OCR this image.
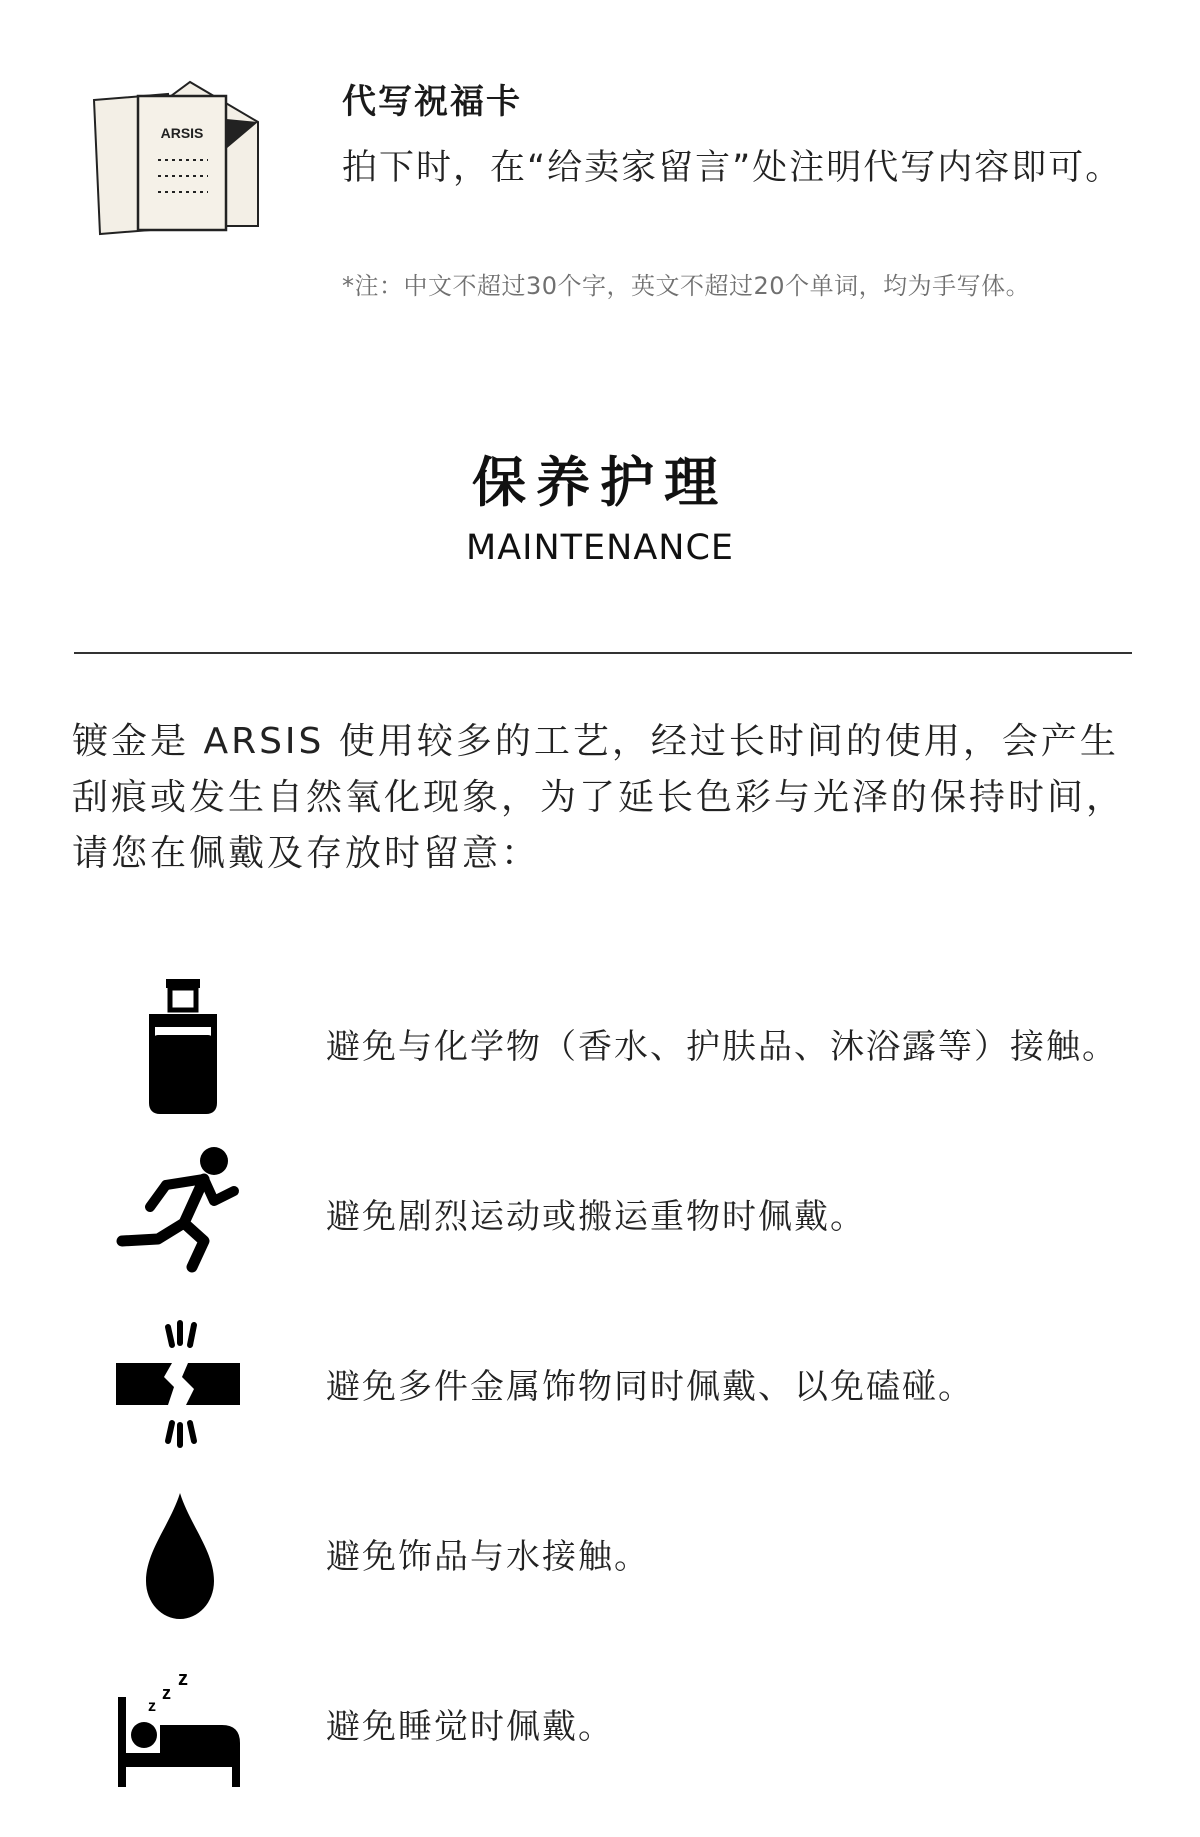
ARSIS
代写祝福卡
拍下时，在“给卖家留言”处注明代写内容即可。
*注：中文不超过30个字，英文不超过20个单词，均为手写体。
保养护理
MAINTENANCE
镀金是 ARSIS 使用较多的工艺，经过长时间的使用，会产生刮痕或发生自然氧化现象，为了延长色彩与光泽的保持时间，请您在佩戴及存放时留意：
避免与化学物（香水、护肤品、沐浴露等）接触。
避免剧烈运动或搬运重物时佩戴。
避免多件金属饰物同时佩戴、以免磕碰。
避免饰品与水接触。
z
z
z
避免睡觉时佩戴。
